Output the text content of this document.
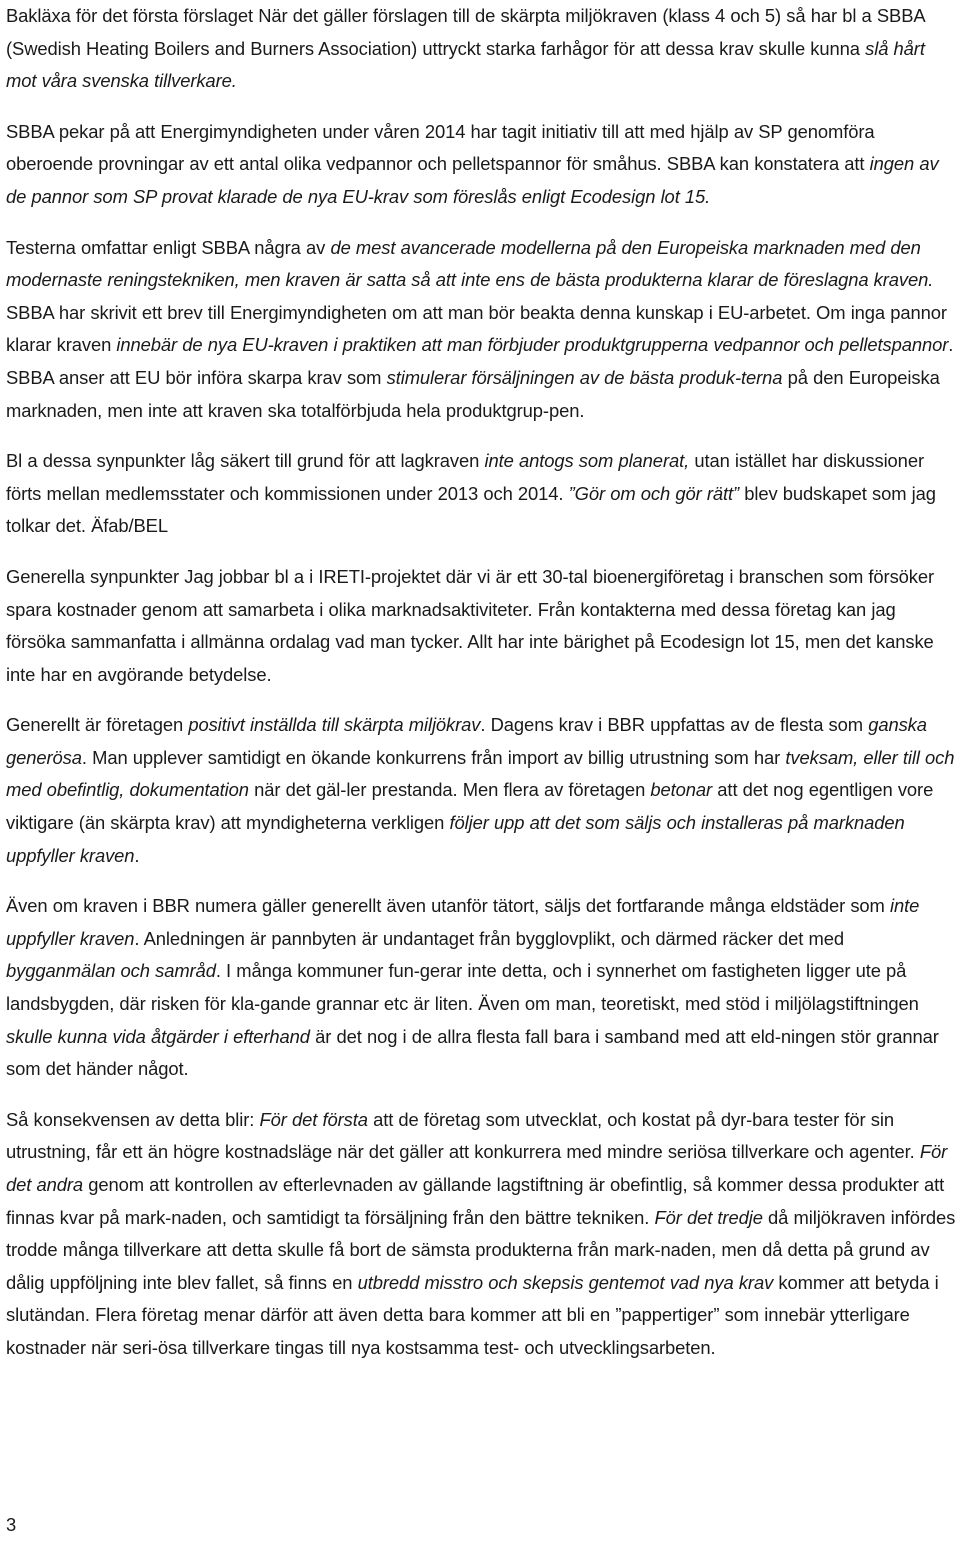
Bakläxa för det första förslaget När det gäller förslagen till de skärpta miljökraven (klass 4 och 5) så har bl a SBBA (Swedish Heating Boilers and Burners Association) uttryckt starka farhågor för att dessa krav skulle kunna slå hårt mot våra svenska tillverkare.

SBBA pekar på att Energimyndigheten under våren 2014 har tagit initiativ till att med hjälp av SP genomföra oberoende provningar av ett antal olika vedpannor och pelletspannor för småhus. SBBA kan konstatera att ingen av de pannor som SP provat klarade de nya EU-krav som föreslås enligt Ecodesign lot 15.

Testerna omfattar enligt SBBA några av de mest avancerade modellerna på den Europeiska marknaden med den modernaste reningstekniken, men kraven är satta så att inte ens de bästa produkterna klarar de föreslagna kraven. SBBA har skrivit ett brev till Energimyndigheten om att man bör beakta denna kunskap i EU-arbetet. Om inga pannor klarar kraven innebär de nya EU-kraven i praktiken att man förbjuder produktgrupperna vedpannor och pelletspannor. SBBA anser att EU bör införa skarpa krav som stimulerar försäljningen av de bästa produk-terna på den Europeiska marknaden, men inte att kraven ska totalförbjuda hela produktgrup-pen.

Bl a dessa synpunkter låg säkert till grund för att lagkraven inte antogs som planerat, utan istället har diskussioner förts mellan medlemsstater och kommissionen under 2013 och 2014. ”Gör om och gör rätt” blev budskapet som jag tolkar det. Äfab/BEL

Generella synpunkter Jag jobbar bl a i IRETI-projektet där vi är ett 30-tal bioenergiföretag i branschen som försöker spara kostnader genom att samarbeta i olika marknadsaktiviteter. Från kontakterna med dessa företag kan jag försöka sammanfatta i allmänna ordalag vad man tycker. Allt har inte bärighet på Ecodesign lot 15, men det kanske inte har en avgörande betydelse.

Generellt är företagen positivt inställda till skärpta miljökrav. Dagens krav i BBR uppfattas av de flesta som ganska generösa. Man upplever samtidigt en ökande konkurrens från import av billig utrustning som har tveksam, eller till och med obefintlig, dokumentation när det gäl-ler prestanda. Men flera av företagen betonar att det nog egentligen vore viktigare (än skärpta krav) att myndigheterna verkligen följer upp att det som säljs och installeras på marknaden uppfyller kraven.

Även om kraven i BBR numera gäller generellt även utanför tätort, säljs det fortfarande många eldstäder som inte uppfyller kraven. Anledningen är pannbyten är undantaget från bygglovplikt, och därmed räcker det med bygganmälan och samråd. I många kommuner fun-gerar inte detta, och i synnerhet om fastigheten ligger ute på landsbygden, där risken för kla-gande grannar etc är liten. Även om man, teoretiskt, med stöd i miljölagstiftningen skulle kunna vida åtgärder i efterhand är det nog i de allra flesta fall bara i samband med att eld-ningen stör grannar som det händer något.

Så konsekvensen av detta blir: För det första att de företag som utvecklat, och kostat på dyr-bara tester för sin utrustning, får ett än högre kostnadsläge när det gäller att konkurrera med mindre seriösa tillverkare och agenter. För det andra genom att kontrollen av efterlevnaden av gällande lagstiftning är obefintlig, så kommer dessa produkter att finnas kvar på mark-naden, och samtidigt ta försäljning från den bättre tekniken. För det tredje då miljökraven infördes trodde många tillverkare att detta skulle få bort de sämsta produkterna från mark-naden, men då detta på grund av dålig uppföljning inte blev fallet, så finns en utbredd misstro och skepsis gentemot vad nya krav kommer att betyda i slutändan. Flera företag menar därför att även detta bara kommer att bli en ”pappertiger” som innebär ytterligare kostnader när seri-ösa tillverkare tingas till nya kostsamma test- och utvecklingsarbeten.

3
